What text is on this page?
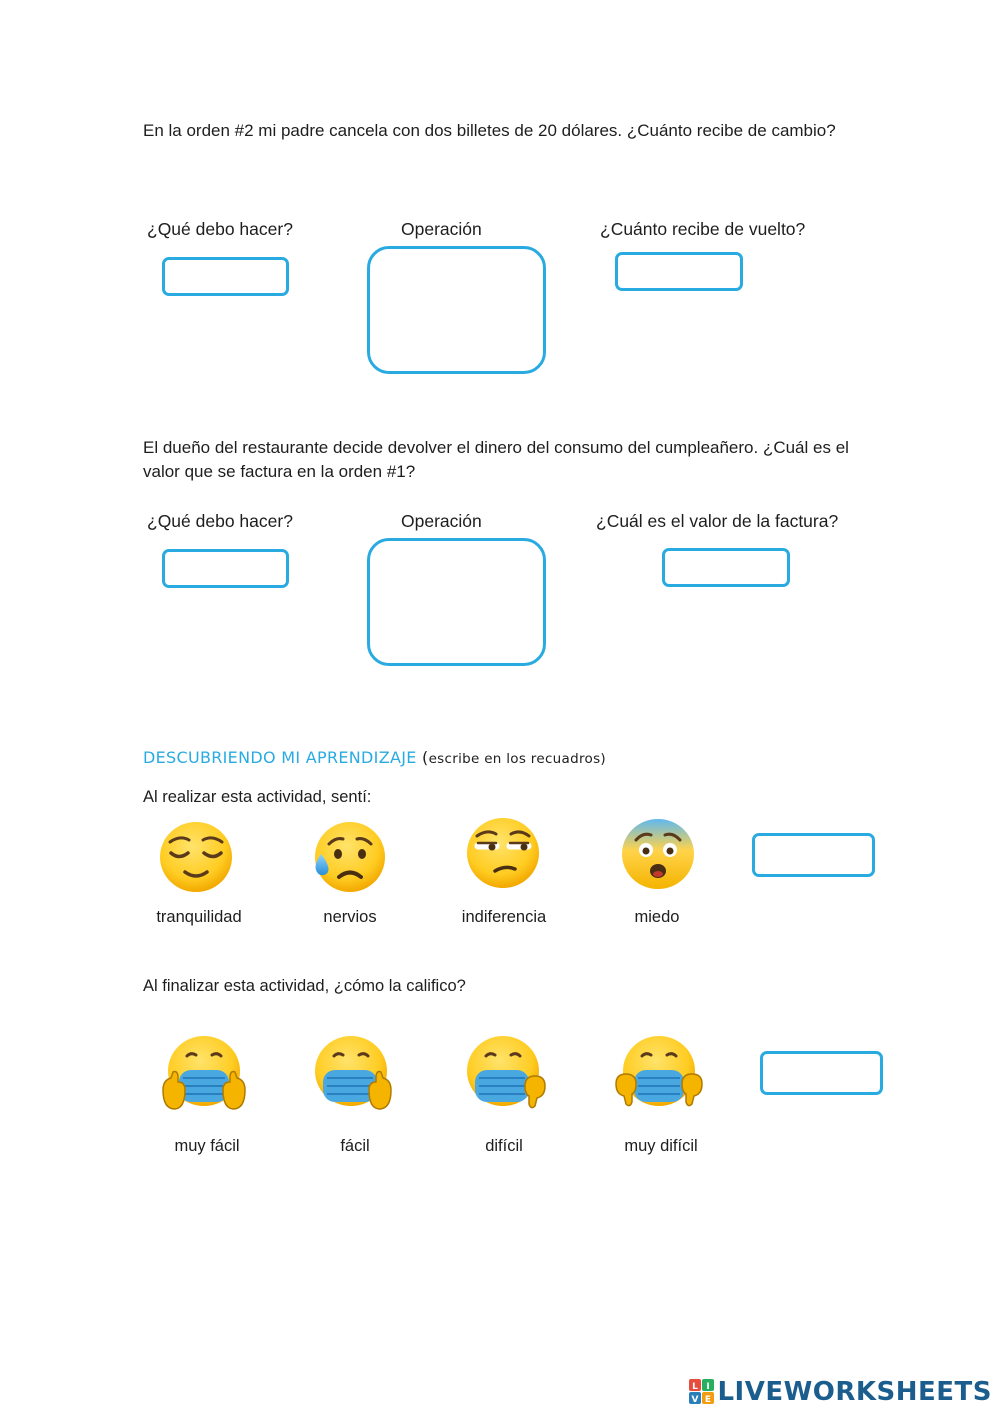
En la orden #2 mi padre cancela con dos billetes de 20 dólares. ¿Cuánto recibe de cambio?
¿Qué debo hacer?	Operación	¿Cuánto recibe de vuelto?
El dueño del restaurante decide devolver el dinero del consumo del cumpleañero. ¿Cuál es el valor que se factura en la orden #1?
¿Qué debo hacer?	Operación	¿Cuál es el valor de la factura?
DESCUBRIENDO MI APRENDIZAJE (escribe en los recuadros)
Al realizar esta actividad, sentí:
tranquilidad	nervios	indiferencia	miedo
Al finalizar esta actividad, ¿cómo la califico?
muy fácil	fácil	difícil	muy difícil
L I
V E LIVEWORKSHEETS
